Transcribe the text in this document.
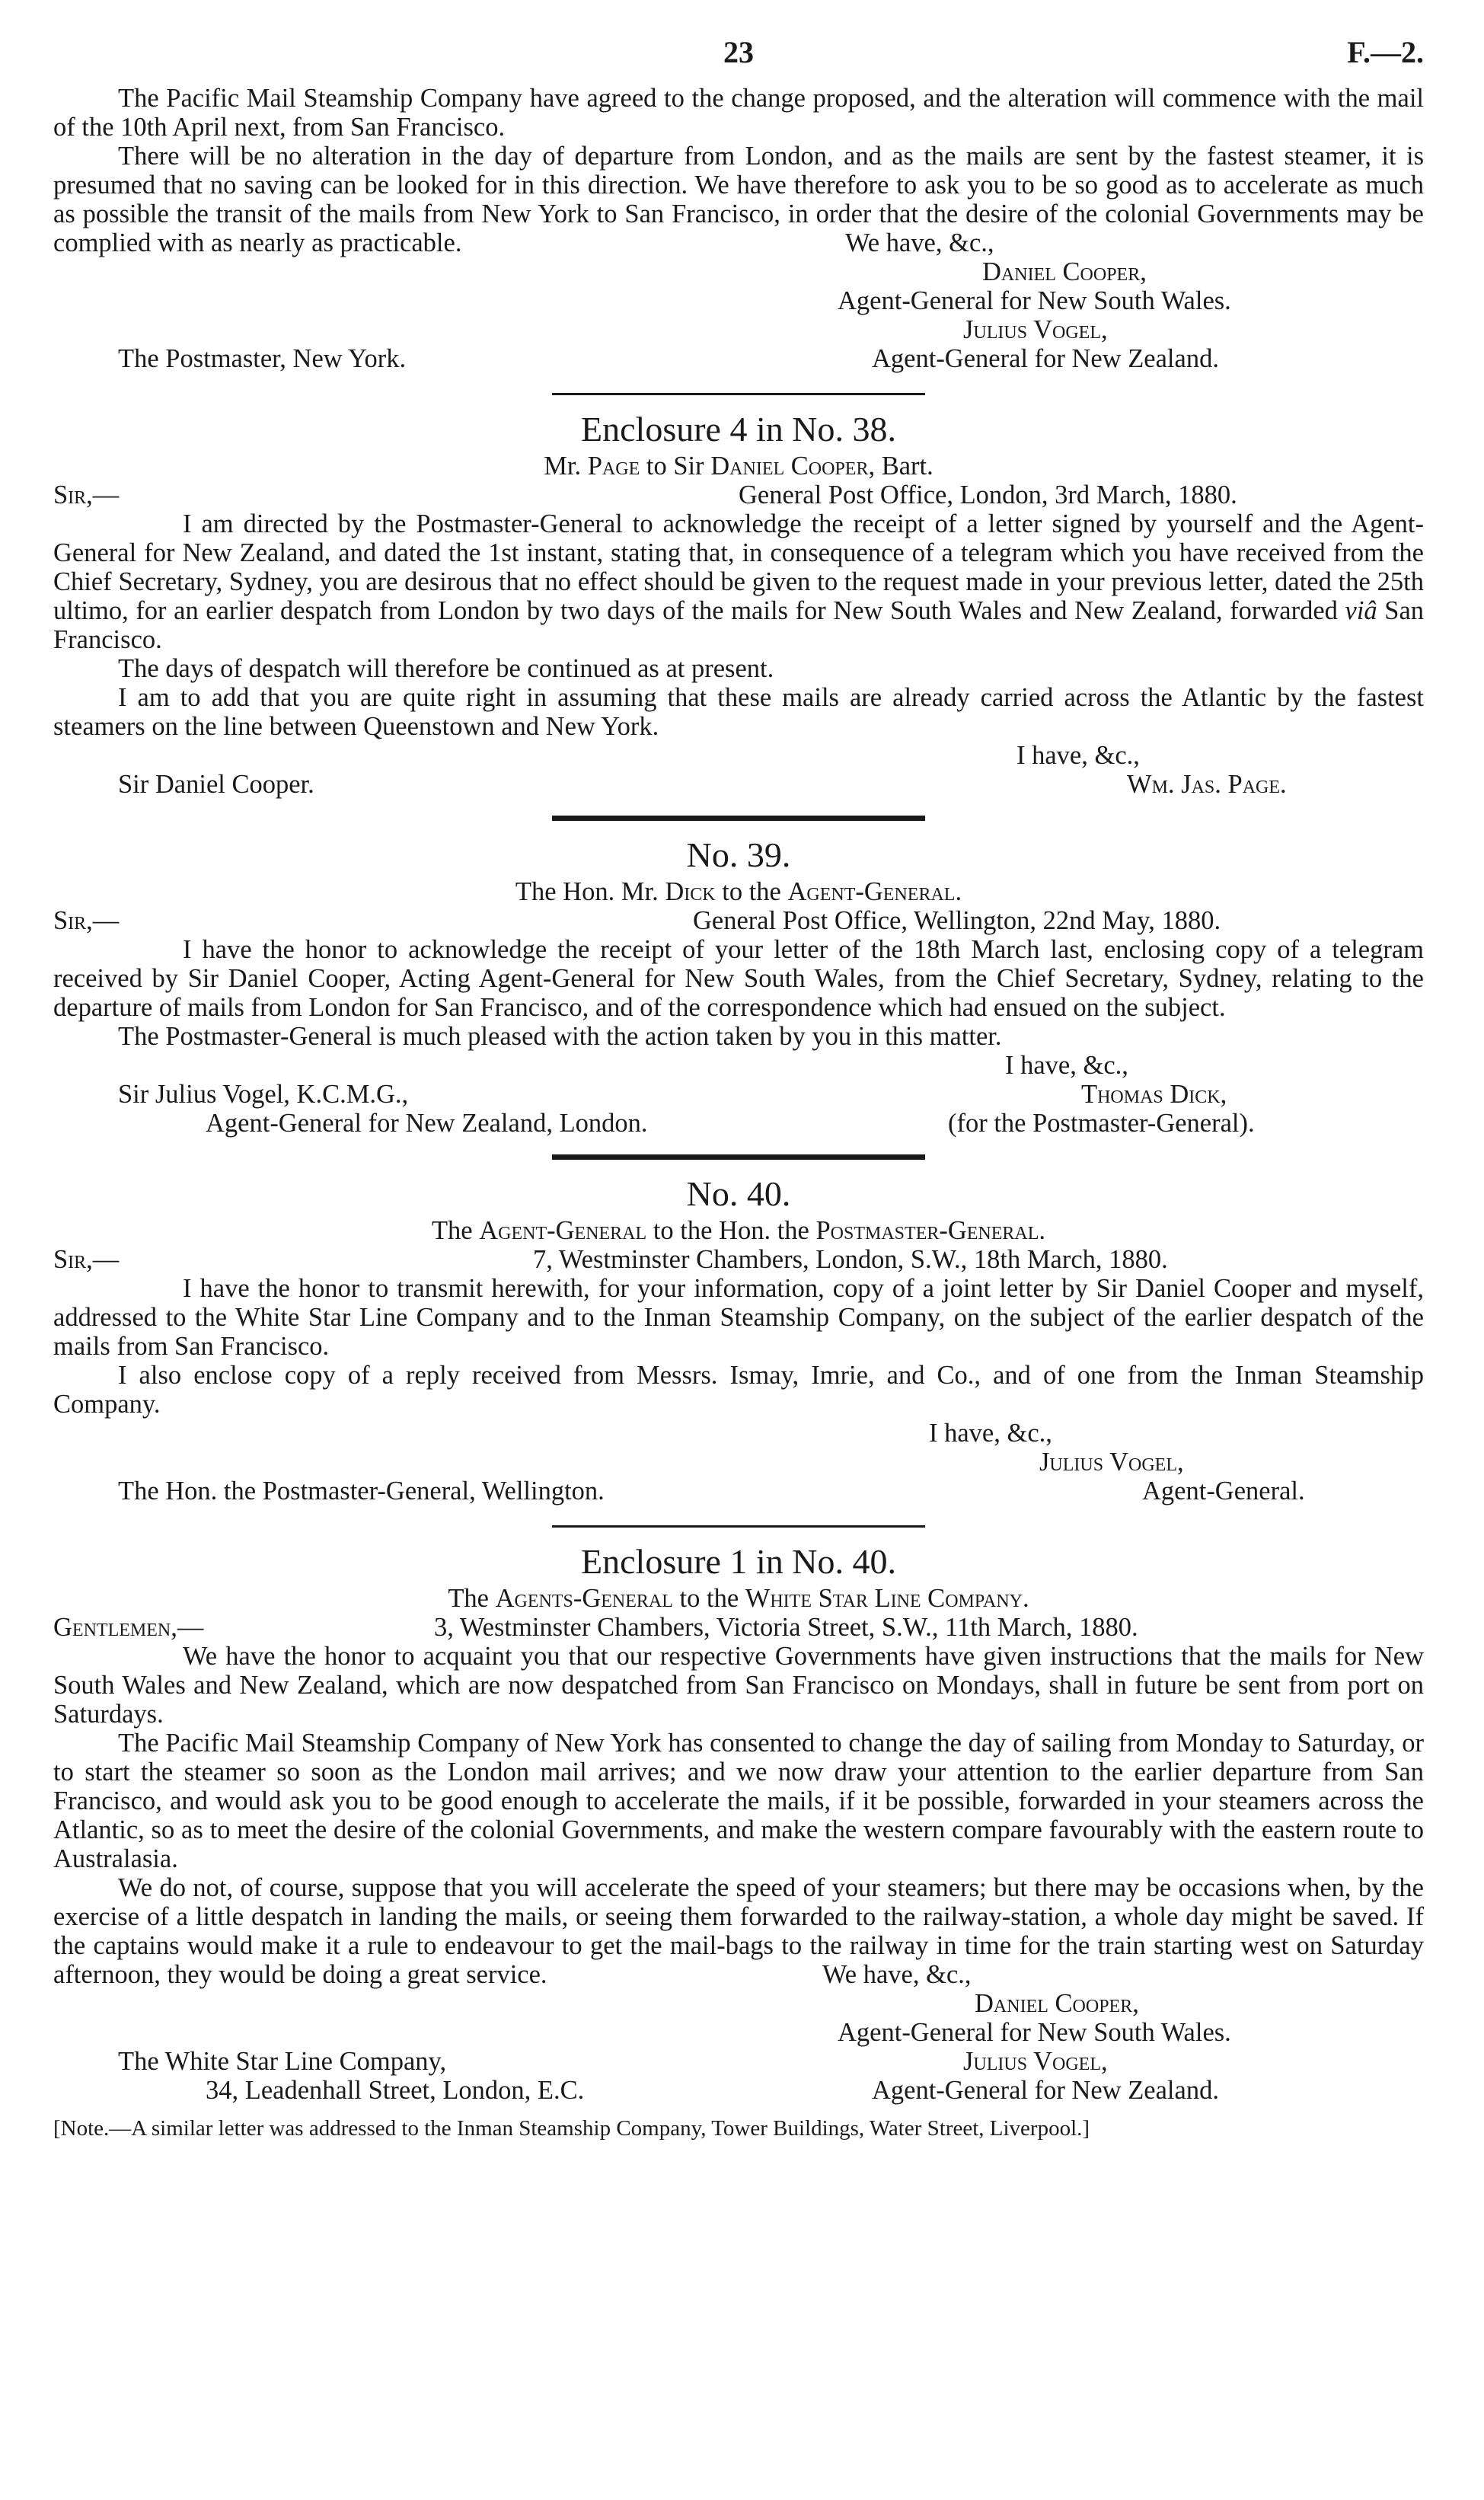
23	F.—2.

The Pacific Mail Steamship Company have agreed to the change proposed, and the alteration will commence with the mail of the 10th April next, from San Francisco.

There will be no alteration in the day of departure from London, and as the mails are sent by the fastest steamer, it is presumed that no saving can be looked for in this direction. We have therefore to ask you to be so good as to accelerate as much as possible the transit of the mails from New York to San Francisco, in order that the desire of the colonial Governments may be complied with as nearly as practicable.	We have, &c.,
Daniel Cooper,
Agent-General for New South Wales.
Julius Vogel,
The Postmaster, New York.	Agent-General for New Zealand.
Enclosure 4 in No. 38.
Mr. Page to Sir Daniel Cooper, Bart.
Sir,—	General Post Office, London, 3rd March, 1880.

I am directed by the Postmaster-General to acknowledge the receipt of a letter signed by yourself and the Agent-General for New Zealand, and dated the 1st instant, stating that, in consequence of a telegram which you have received from the Chief Secretary, Sydney, you are desirous that no effect should be given to the request made in your previous letter, dated the 25th ultimo, for an earlier despatch from London by two days of the mails for New South Wales and New Zealand, forwarded viâ San Francisco.

The days of despatch will therefore be continued as at present.

I am to add that you are quite right in assuming that these mails are already carried across the Atlantic by the fastest steamers on the line between Queenstown and New York.

I have, &c.,
Sir Daniel Cooper.	Wm. Jas. Page.
No. 39.
The Hon. Mr. Dick to the Agent-General.
Sir,—	General Post Office, Wellington, 22nd May, 1880.

I have the honor to acknowledge the receipt of your letter of the 18th March last, enclosing copy of a telegram received by Sir Daniel Cooper, Acting Agent-General for New South Wales, from the Chief Secretary, Sydney, relating to the departure of mails from London for San Francisco, and of the correspondence which had ensued on the subject.

The Postmaster-General is much pleased with the action taken by you in this matter.

I have, &c.,
Sir Julius Vogel, K.C.M.G.,	Thomas Dick,
Agent-General for New Zealand, London.	(for the Postmaster-General).
No. 40.
The Agent-General to the Hon. the Postmaster-General.
Sir,—	7, Westminster Chambers, London, S.W., 18th March, 1880.

I have the honor to transmit herewith, for your information, copy of a joint letter by Sir Daniel Cooper and myself, addressed to the White Star Line Company and to the Inman Steamship Company, on the subject of the earlier despatch of the mails from San Francisco.

I also enclose copy of a reply received from Messrs. Ismay, Imrie, and Co., and of one from the Inman Steamship Company.

I have, &c.,
Julius Vogel,
The Hon. the Postmaster-General, Wellington.	Agent-General.
Enclosure 1 in No. 40.
The Agents-General to the White Star Line Company.
Gentlemen,—	3, Westminster Chambers, Victoria Street, S.W., 11th March, 1880.

We have the honor to acquaint you that our respective Governments have given instructions that the mails for New South Wales and New Zealand, which are now despatched from San Francisco on Mondays, shall in future be sent from port on Saturdays.

The Pacific Mail Steamship Company of New York has consented to change the day of sailing from Monday to Saturday, or to start the steamer so soon as the London mail arrives; and we now draw your attention to the earlier departure from San Francisco, and would ask you to be good enough to accelerate the mails, if it be possible, forwarded in your steamers across the Atlantic, so as to meet the desire of the colonial Governments, and make the western compare favourably with the eastern route to Australasia.

We do not, of course, suppose that you will accelerate the speed of your steamers; but there may be occasions when, by the exercise of a little despatch in landing the mails, or seeing them forwarded to the railway-station, a whole day might be saved. If the captains would make it a rule to endeavour to get the mail-bags to the railway in time for the train starting west on Saturday afternoon, they would be doing a great service.	We have, &c.,
Daniel Cooper,
Agent-General for New South Wales.
The White Star Line Company,	Julius Vogel,
34, Leadenhall Street, London, E.C.	Agent-General for New Zealand.

[Note.—A similar letter was addressed to the Inman Steamship Company, Tower Buildings, Water Street, Liverpool.]
